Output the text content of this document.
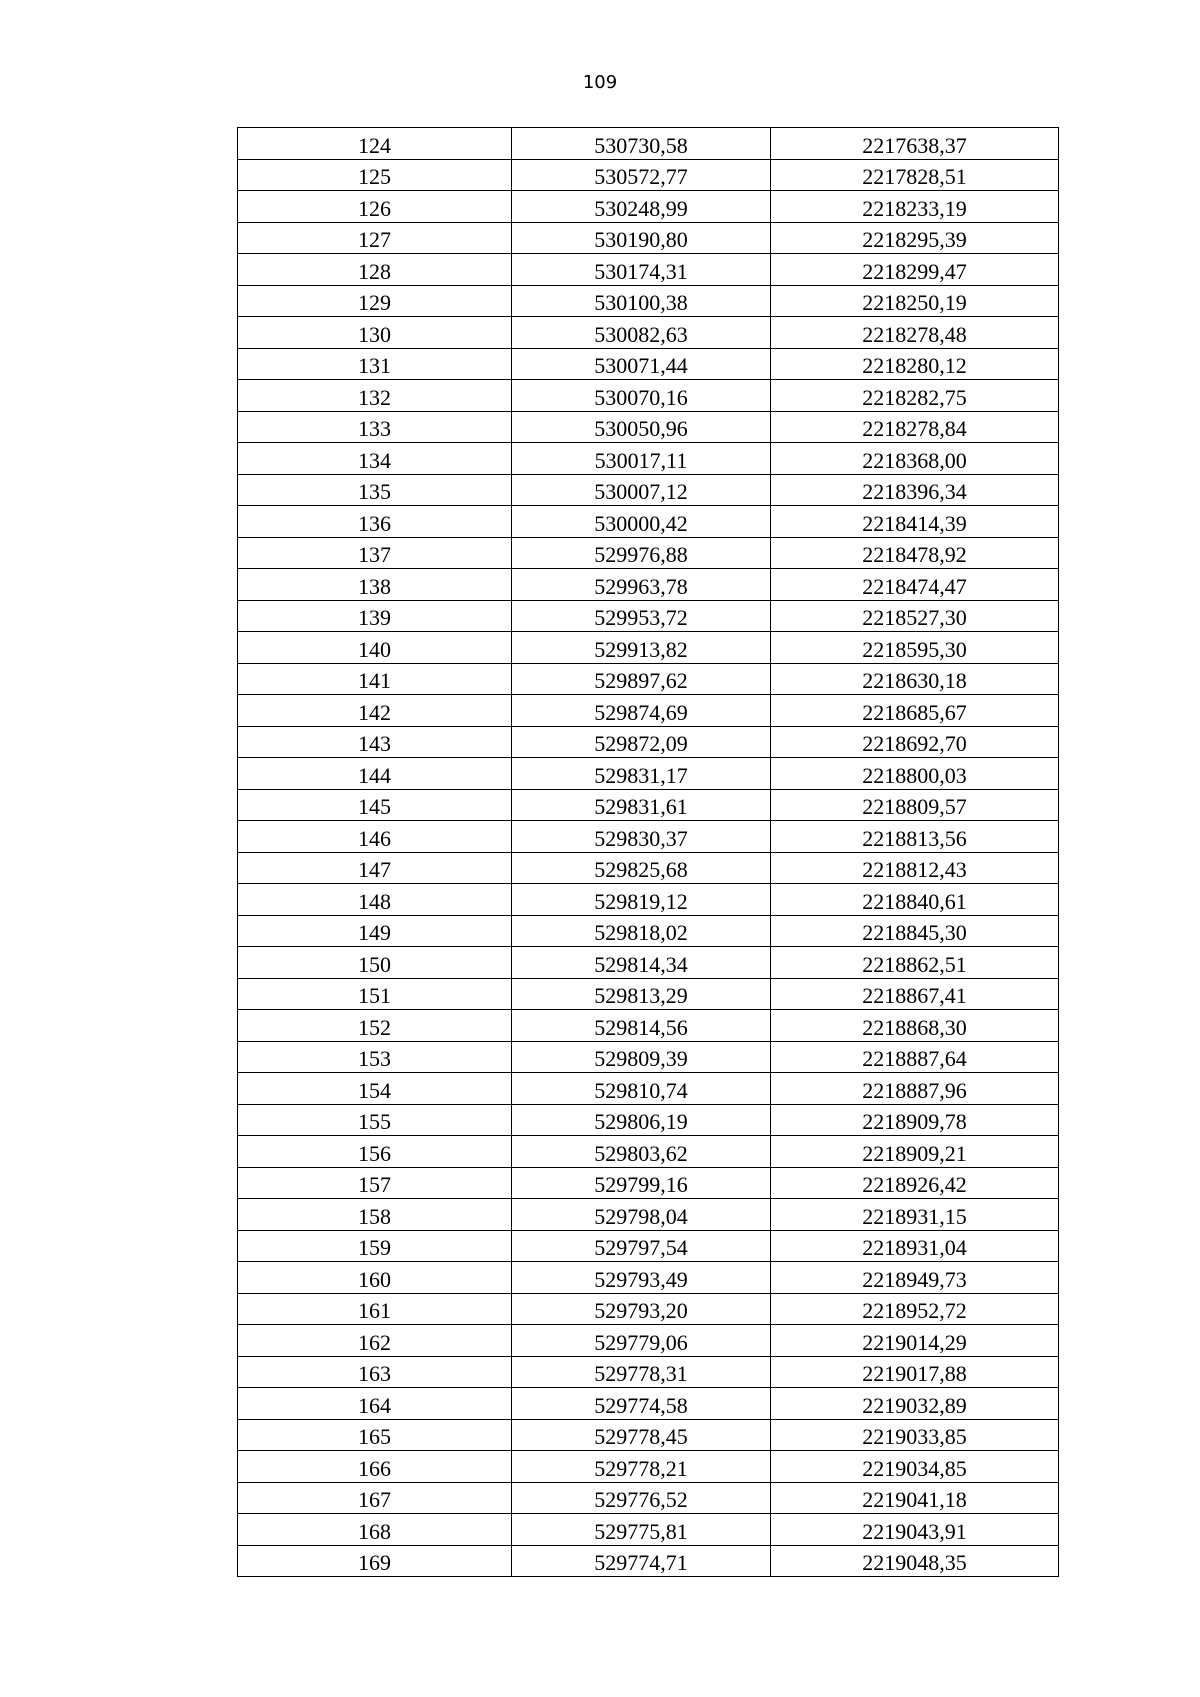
109
124	530730,58	2217638,37
125	530572,77	2217828,51
126	530248,99	2218233,19
127	530190,80	2218295,39
128	530174,31	2218299,47
129	530100,38	2218250,19
130	530082,63	2218278,48
131	530071,44	2218280,12
132	530070,16	2218282,75
133	530050,96	2218278,84
134	530017,11	2218368,00
135	530007,12	2218396,34
136	530000,42	2218414,39
137	529976,88	2218478,92
138	529963,78	2218474,47
139	529953,72	2218527,30
140	529913,82	2218595,30
141	529897,62	2218630,18
142	529874,69	2218685,67
143	529872,09	2218692,70
144	529831,17	2218800,03
145	529831,61	2218809,57
146	529830,37	2218813,56
147	529825,68	2218812,43
148	529819,12	2218840,61
149	529818,02	2218845,30
150	529814,34	2218862,51
151	529813,29	2218867,41
152	529814,56	2218868,30
153	529809,39	2218887,64
154	529810,74	2218887,96
155	529806,19	2218909,78
156	529803,62	2218909,21
157	529799,16	2218926,42
158	529798,04	2218931,15
159	529797,54	2218931,04
160	529793,49	2218949,73
161	529793,20	2218952,72
162	529779,06	2219014,29
163	529778,31	2219017,88
164	529774,58	2219032,89
165	529778,45	2219033,85
166	529778,21	2219034,85
167	529776,52	2219041,18
168	529775,81	2219043,91
169	529774,71	2219048,35
